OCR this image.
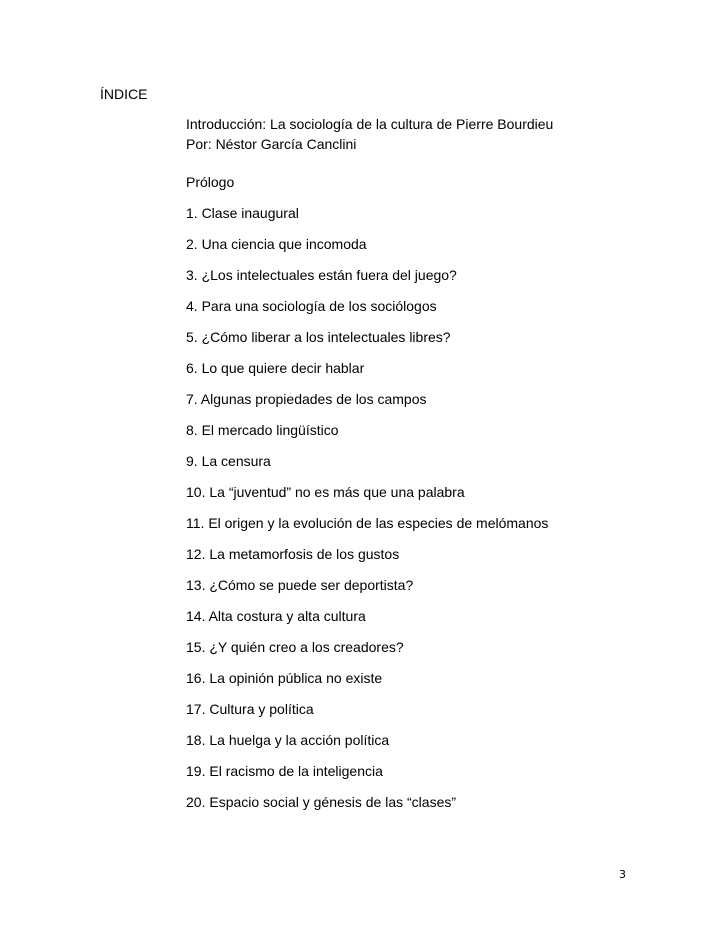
ÍNDICE
Introducción: La sociología de la cultura de Pierre Bourdieu
Por: Néstor García Canclini
Prólogo
1. Clase inaugural
2. Una ciencia que incomoda
3. ¿Los intelectuales están fuera del juego?
4. Para una sociología de los sociólogos
5. ¿Cómo liberar a los intelectuales libres?
6. Lo que quiere decir hablar
7. Algunas propiedades de los campos
8. El mercado lingüístico
9. La censura
10. La “juventud” no es más que una palabra
11. El origen y la evolución de las especies de melómanos
12. La metamorfosis de los gustos
13. ¿Cómo se puede ser deportista?
14. Alta costura y alta cultura
15. ¿Y quién creo a los creadores?
16. La opinión pública no existe
17. Cultura y política
18. La huelga y la acción política
19. El racismo de la inteligencia
20. Espacio social y génesis de las “clases”
3
